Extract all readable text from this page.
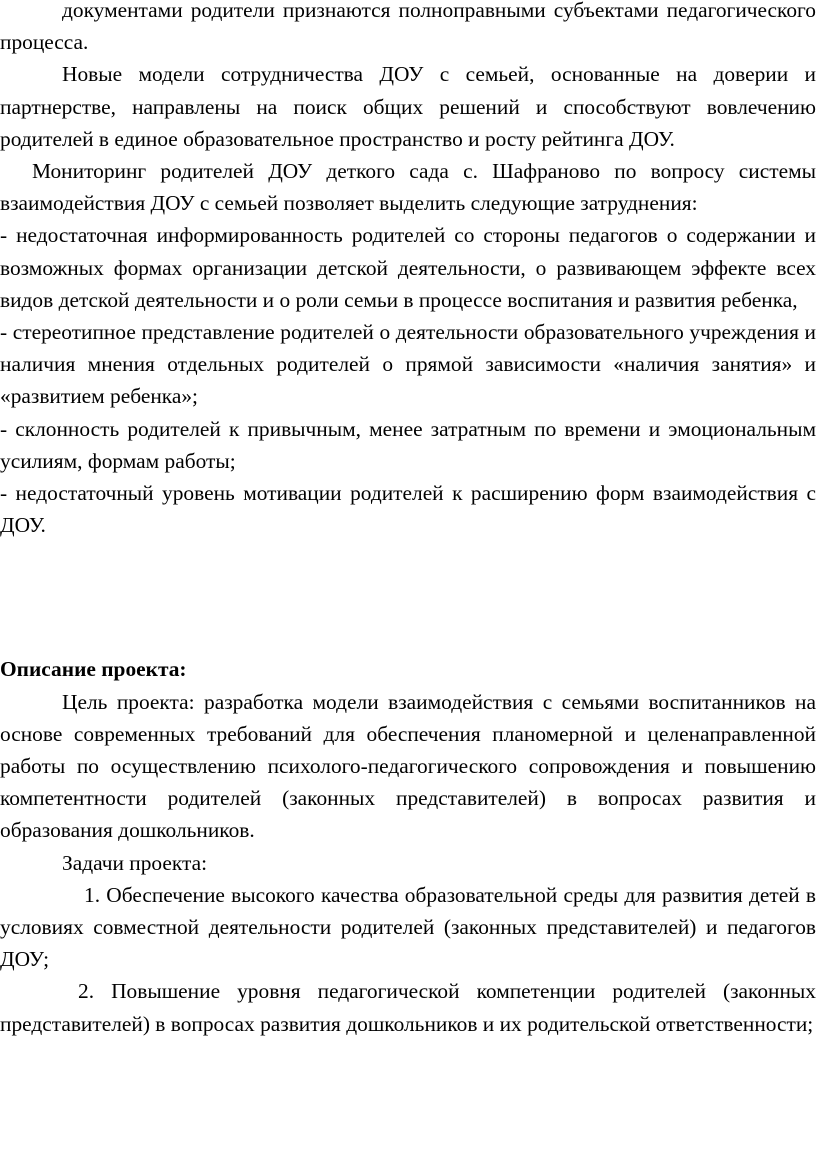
документами родители признаются полноправными субъектами педагогического процесса.

Новые модели сотрудничества ДОУ с семьей, основанные на доверии и партнерстве, направлены на поиск общих решений и способствуют вовлечению родителей в единое образовательное пространство и росту рейтинга ДОУ.

Мониторинг родителей ДОУ деткого сада с. Шафраново по вопросу системы взаимодействия ДОУ с семьей позволяет выделить следующие затруднения:

- недостаточная информированность родителей со стороны педагогов о содержании и возможных формах организации детской деятельности, о развивающем эффекте всех видов детской деятельности и о роли семьи в процессе воспитания и развития ребенка,

- стереотипное представление родителей о деятельности образовательного учреждения и наличия мнения отдельных родителей о прямой зависимости «наличия занятия» и «развитием ребенка»;

- склонность родителей к привычным, менее затратным по времени и эмоциональным усилиям, формам работы;

- недостаточный уровень мотивации родителей к расширению форм взаимодействия с ДОУ.

Описание проекта:

Цель проекта: разработка модели взаимодействия с семьями воспитанников на основе современных требований для обеспечения планомерной и целенаправленной работы по осуществлению психолого-педагогического сопровождения и повышению компетентности родителей (законных представителей) в вопросах развития и образования дошкольников.

Задачи проекта:

1. Обеспечение высокого качества образовательной среды для развития детей в условиях совместной деятельности родителей (законных представителей) и педагогов ДОУ;

2. Повышение уровня педагогической компетенции родителей (законных представителей) в вопросах развития дошкольников и их родительской ответственности;
